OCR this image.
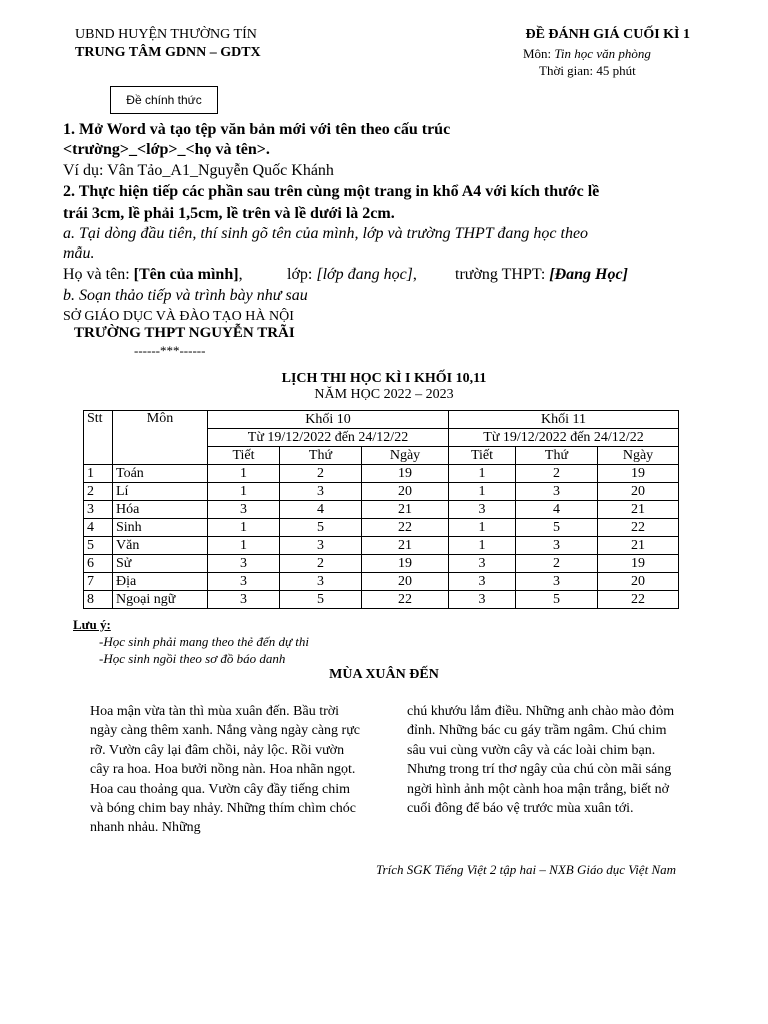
UBND HUYỆN THƯỜNG TÍN
TRUNG TÂM GDNN – GDTX
ĐỀ ĐÁNH GIÁ CUỐI KÌ 1
Môn: Tin học văn phòng
Thời gian: 45 phút
Đề chính thức
1. Mở Word và tạo tệp văn bản mới với tên theo cấu trúc
<trường>_<lớp>_<họ và tên>.
Ví dụ: Vân Tảo_A1_Nguyễn Quốc Khánh
2. Thực hiện tiếp các phần sau trên cùng một trang in khổ A4 với kích thước lề
trái 3cm, lề phải 1,5cm, lề trên và lề dưới là 2cm.
a. Tại dòng đầu tiên, thí sinh gõ tên của mình, lớp và trường THPT đang học theo
mẫu.
Họ và tên: [Tên của mình],	lớp: [lớp đang học], trường THPT: [Đang Học]
b. Soạn thảo tiếp và trình bày như sau
SỞ GIÁO DỤC VÀ ĐÀO TẠO HÀ NỘI
TRƯỜNG THPT NGUYỄN TRÃI
------***------
LỊCH THI HỌC KÌ I KHỐI 10,11
NĂM HỌC 2022 – 2023
Stt	Môn	Khối 10			Khối 11		
		Từ 19/12/2022 đến 24/12/22			Từ 19/12/2022 đến 24/12/22		
		Tiết	Thứ	Ngày	Tiết	Thứ	Ngày
1	Toán	1	2	19	1	2	19
2	Lí	1	3	20	1	3	20
3	Hóa	3	4	21	3	4	21
4	Sinh	1	5	22	1	5	22
5	Văn	1	3	21	1	3	21
6	Sử	3	2	19	3	2	19
7	Địa	3	3	20	3	3	20
8	Ngoại ngữ	3	5	22	3	5	22
Lưu ý:
-Học sinh phải mang theo thẻ đến dự thi
-Học sinh ngồi theo sơ đồ báo danh
MÙA XUÂN ĐẾN
Hoa mận vừa tàn thì mùa xuân đến. Bầu trời ngày càng thêm xanh. Nắng vàng ngày càng rực rỡ. Vườn cây lại đâm chồi, nảy lộc. Rồi vườn cây ra hoa. Hoa bưởi nồng nàn. Hoa nhãn ngọt. Hoa cau thoảng qua. Vườn cây đầy tiếng chim và bóng chim bay nhảy. Những thím chìm chóc nhanh nhảu. Những
chú khướu lắm điều. Những anh chào mào đỏm đỉnh. Những bác cu gáy trầm ngâm. Chú chim sâu vui cùng vườn cây và các loài chim bạn. Nhưng trong trí thơ ngây của chú còn mãi sáng ngời hình ảnh một cành hoa mận trắng, biết nở cuối đông để báo vệ trước mùa xuân tới.
Trích SGK Tiếng Việt 2 tập hai – NXB Giáo dục Việt Nam
